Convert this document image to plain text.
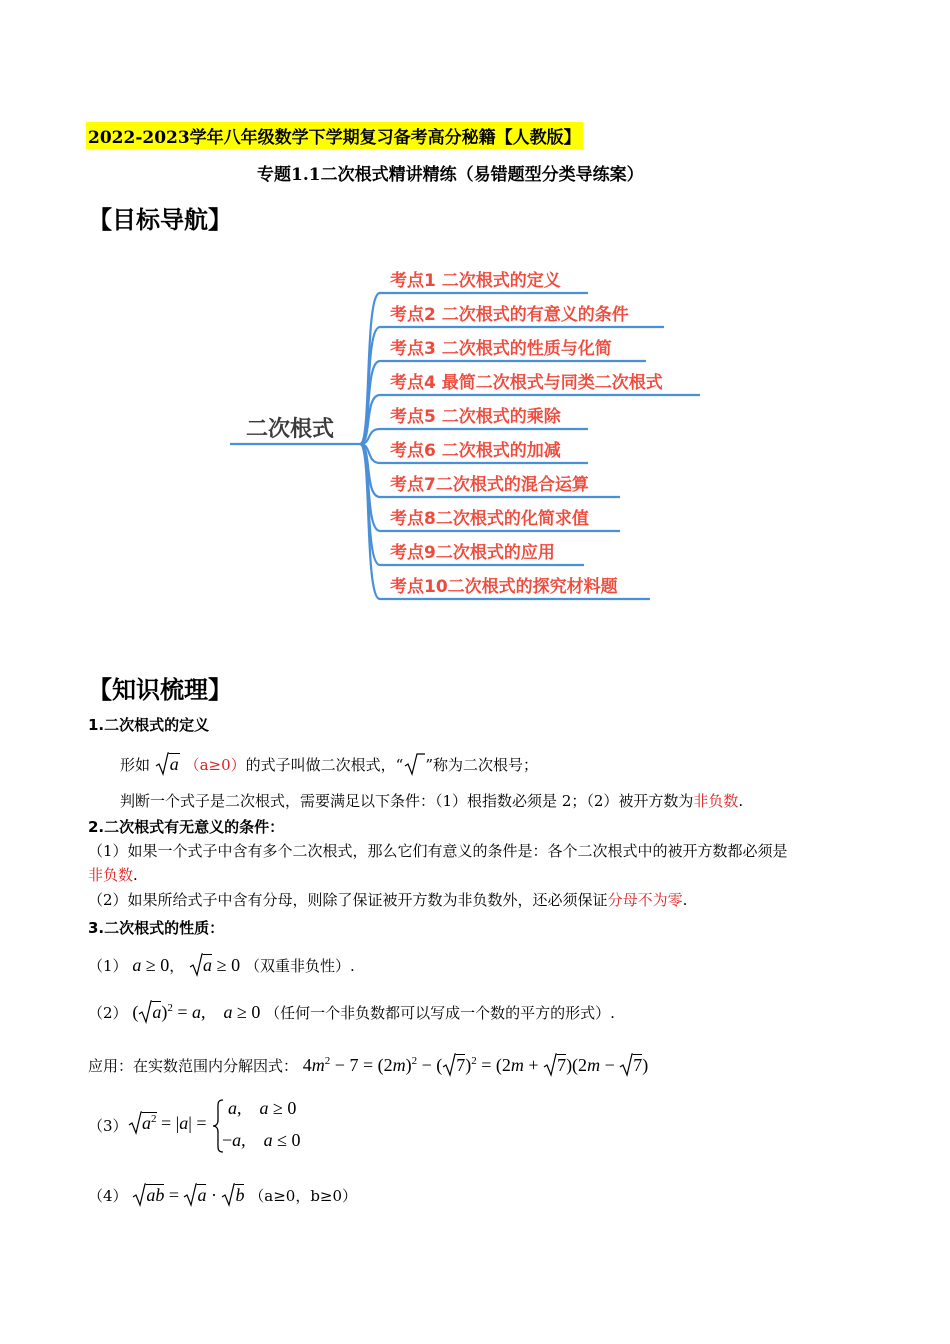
2022-2023学年八年级数学下学期复习备考高分秘籍【人教版】
专题1.1二次根式精讲精练（易错题型分类导练案）
【目标导航】
二次根式
考点1 二次根式的定义
考点2 二次根式的有意义的条件
考点3 二次根式的性质与化简
考点4 最简二次根式与同类二次根式
考点5 二次根式的乘除
考点6 二次根式的加减
考点7二次根式的混合运算
考点8二次根式的化简求值
考点9二次根式的应用
考点10二次根式的探究材料题
【知识梳理】
1.二次根式的定义
形如 a （a≥0）的式子叫做二次根式，“ ”称为二次根号；
判断一个式子是二次根式，需要满足以下条件：（1）根指数必须是 2；（2）被开方数为非负数.
2.二次根式有无意义的条件：
（1）如果一个式子中含有多个二次根式，那么它们有意义的条件是：各个二次根式中的被开方数都必须是
非负数.
（2）如果所给式子中含有分母，则除了保证被开方数为非负数外，还必须保证分母不为零.
3.二次根式的性质：
（1） a ≥ 0， a ≥ 0 （双重非负性）.
（2） ( a)$^2$ = a,    a ≥ 0 （任何一个非负数都可以写成一个数的平方的形式）.
应用：在实数范围内分解因式： $4m^2 - 7 = (2m)^2$ − ( 7)$^2$ = (2m + 7)(2m − 7)
（3） $a^2 = |a|$ =
a,    a ≥ 0
−a,    a ≤ 0
（4） ab = a · b （a≥0，b≥0）
